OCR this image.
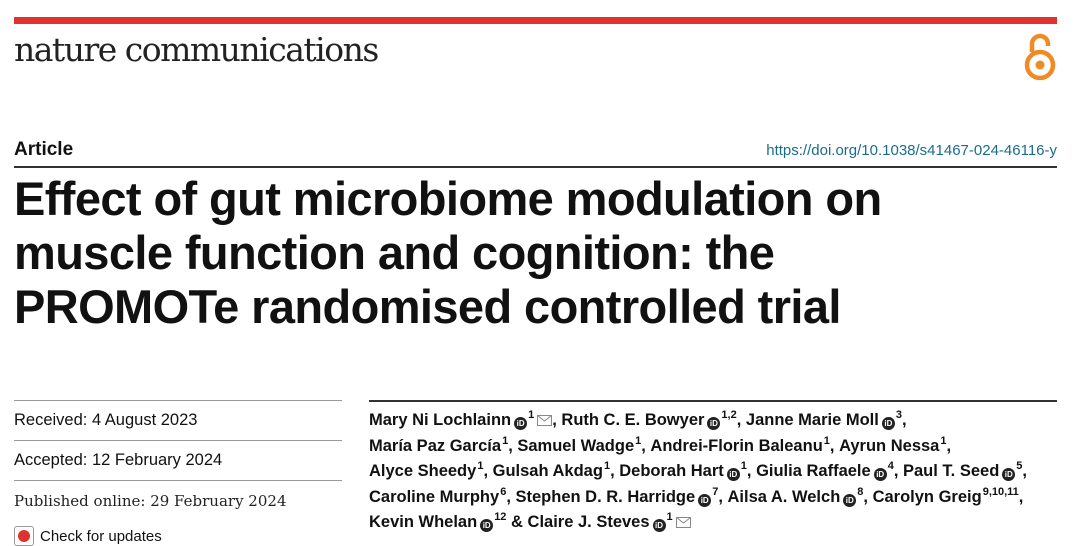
nature communications
Article	https://doi.org/10.1038/s41467-024-46116-y
Effect of gut microbiome modulation on
muscle function and cognition: the
PROMOTe randomised controlled trial
Received: 4 August 2023
Accepted: 12 February 2024
Published online: 29 February 2024
Check for updates
Mary Ni Lochlainn $iD^1$ , Ruth C. E. Bowyer iD$^{1,2}$, Janne Marie Moll $iD^3$, María Paz García$^1$, Samuel Wadge$^1$, Andrei-Florin Baleanu$^1$, Ayrun Nessa$^1$, Alyce Sheedy$^1$, Gulsah Akdag$^1$, Deborah Hart $iD^1$, Giulia Raffaele $iD^4$, Paul T. Seed $iD^5$, Caroline Murphy$^6$, Stephen D. R. Harridge $iD^7$, Ailsa A. Welch $iD^8$, Carolyn Greig$^{9,10,11}$, Kevin Whelan $iD^{12}$ & Claire J. Steves $iD^1$
